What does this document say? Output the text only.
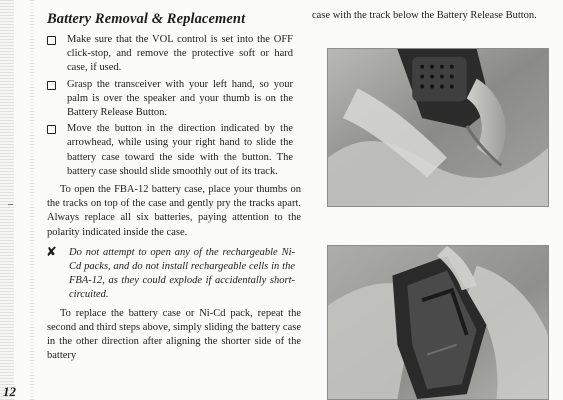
Battery Removal & Replacement
Make sure that the VOL control is set into the OFF click-stop, and remove the protective soft or hard case, if used.
Grasp the transceiver with your left hand, so your palm is over the speaker and your thumb is on the Battery Release Button.
Move the button in the direction indicated by the arrowhead, while using your right hand to slide the battery case toward the side with the button. The battery case should slide smoothly out of its track.

To open the FBA-12 battery case, place your thumbs on the tracks on top of the case and gently pry the tracks apart. Always replace all six batteries, paying attention to the polarity indicated inside the case.

✘ Do not attempt to open any of the rechargeable Ni-Cd packs, and do not install rechargeable cells in the FBA-12, as they could explode if accidentally short-circuited.

To replace the battery case or Ni-Cd pack, repeat the second and third steps above, simply sliding the battery case in the other direction after aligning the shorter side of the battery

12

case with the track below the Battery Release Button.
